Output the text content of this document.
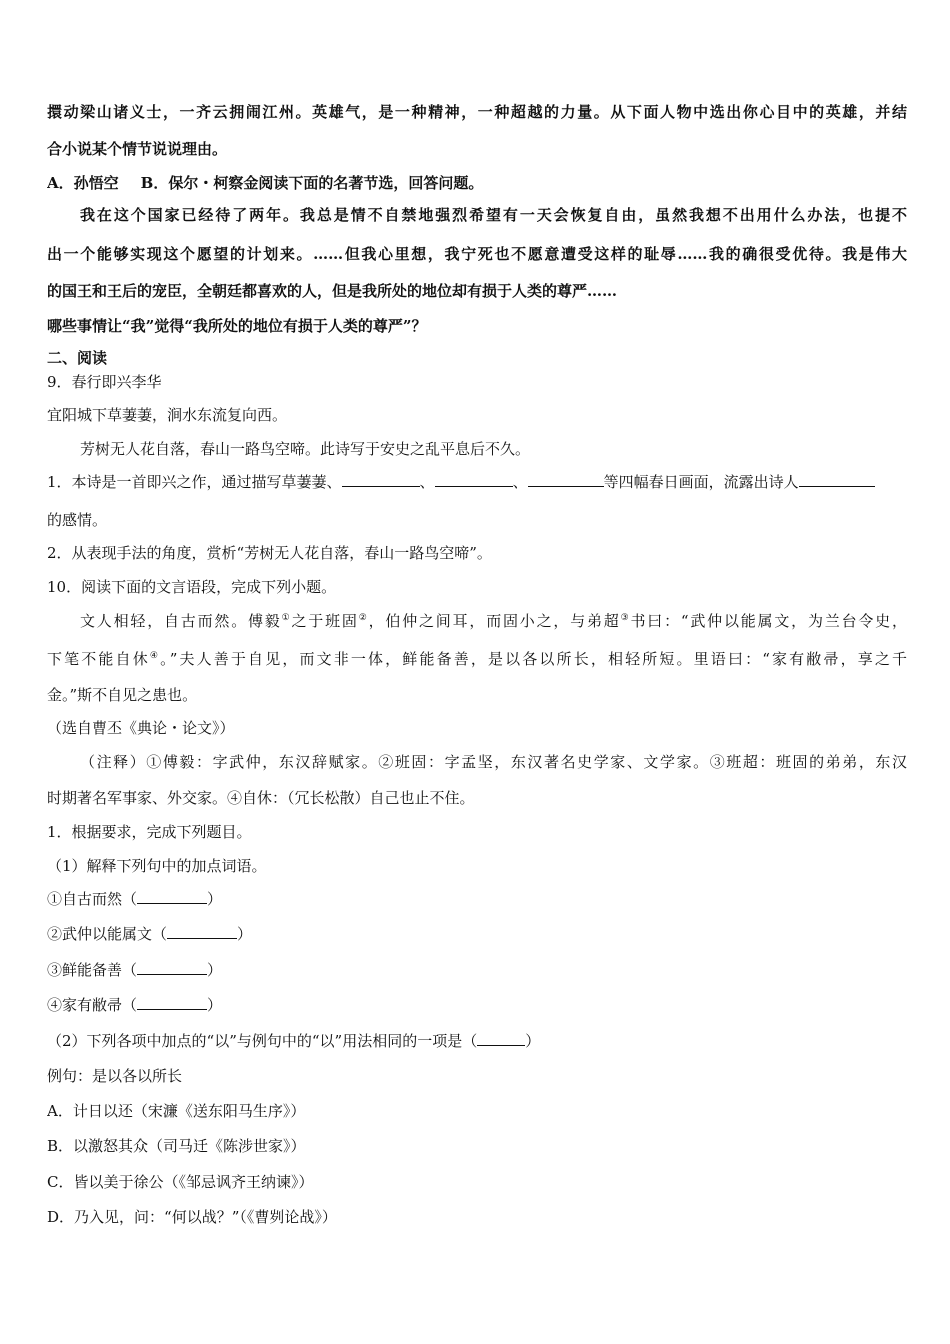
擐动梁山诸义士，一齐云拥闹江州。英雄气，是一种精神，一种超越的力量。从下面人物中选出你心目中的英雄，并结
合小说某个情节说说理由。
A．孙悟空 B．保尔・柯察金阅读下面的名著节选，回答问题。
我在这个国家已经待了两年。我总是情不自禁地强烈希望有一天会恢复自由，虽然我想不出用什么办法，也提不
出一个能够实现这个愿望的计划来。……但我心里想，我宁死也不愿意遭受这样的耻辱……我的确很受优待。我是伟大
的国王和王后的宠臣，全朝廷都喜欢的人，但是我所处的地位却有损于人类的尊严……
哪些事情让“我”觉得“我所处的地位有损于人类的尊严”？
二、阅读
9．春行即兴李华
宜阳城下草萋萋，涧水东流复向西。
芳树无人花自落，春山一路鸟空啼。此诗写于安史之乱平息后不久。
1．本诗是一首即兴之作，通过描写草萋萋、	、	、	等四幅春日画面，流露出诗人
的感情。
2．从表现手法的角度，赏析“芳树无人花自落，春山一路鸟空啼”。
10．阅读下面的文言语段，完成下列小题。
文人相轻，自古而然。傅毅①之于班固②，伯仲之间耳，而固小之，与弟超③书曰：“武仲以能属文，为兰台令史，
下笔不能自休④。”夫人善于自见，而文非一体，鲜能备善，是以各以所长，相轻所短。里语曰：“家有敝帚，享之千
金。”斯不自见之患也。
（选自曹丕《典论・论文》）
（注释）①傅毅：字武仲，东汉辞赋家。②班固：字孟坚，东汉著名史学家、文学家。③班超：班固的弟弟，东汉
时期著名军事家、外交家。④自休：（冗长松散）自己也止不住。
1．根据要求，完成下列题目。
（1）解释下列句中的加点词语。
①自古而然（	）
②武仲以能属文（	）
③鲜能备善（	）
④家有敝帚（	）
（2）下列各项中加点的“以”与例句中的“以”用法相同的一项是（	）
例句：是以各以所长
A．计日以还（宋濂《送东阳马生序》）
B．以激怒其众（司马迁《陈涉世家》）
C．皆以美于徐公（《邹忌讽齐王纳谏》）
D．乃入见，问：“何以战？”（《曹刿论战》）
